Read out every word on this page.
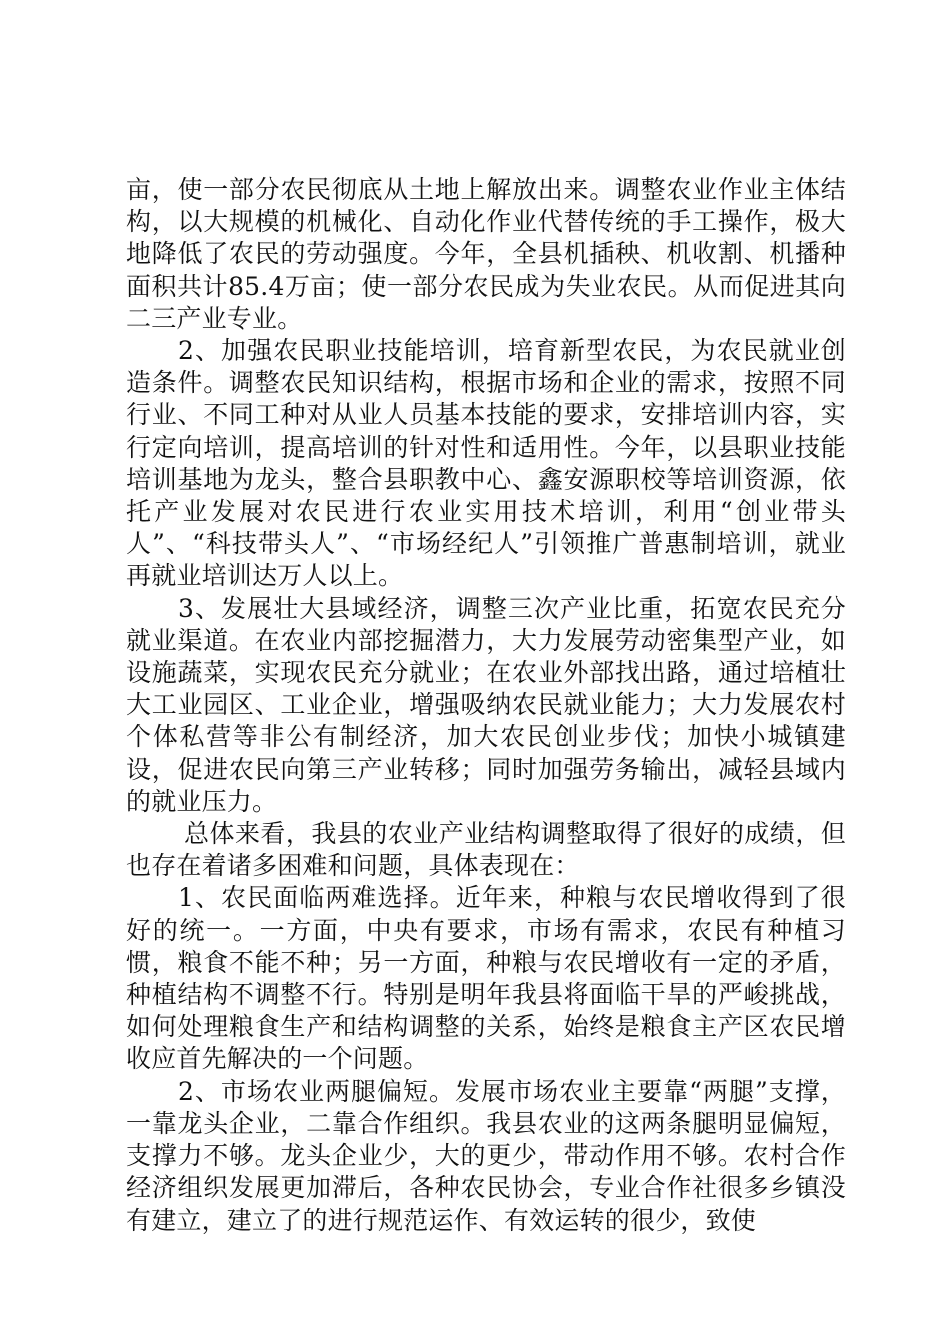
亩，使一部分农民彻底从土地上解放出来。调整农业作业主体结构，以大规模的机械化、自动化作业代替传统的手工操作，极大地降低了农民的劳动强度。今年，全县机插秧、机收割、机播种面积共计85.4万亩；使一部分农民成为失业农民。从而促进其向二三产业专业。

2、加强农民职业技能培训，培育新型农民，为农民就业创造条件。调整农民知识结构，根据市场和企业的需求，按照不同行业、不同工种对从业人员基本技能的要求，安排培训内容，实行定向培训，提高培训的针对性和适用性。今年，以县职业技能培训基地为龙头，整合县职教中心、鑫安源职校等培训资源，依托产业发展对农民进行农业实用技术培训，利用“创业带头人”、“科技带头人”、“市场经纪人”引领推广普惠制培训，就业再就业培训达万人以上。

3、发展壮大县域经济，调整三次产业比重，拓宽农民充分就业渠道。在农业内部挖掘潜力，大力发展劳动密集型产业，如设施蔬菜，实现农民充分就业；在农业外部找出路，通过培植壮大工业园区、工业企业，增强吸纳农民就业能力；大力发展农村个体私营等非公有制经济，加大农民创业步伐；加快小城镇建设，促进农民向第三产业转移；同时加强劳务输出，减轻县域内的就业压力。

总体来看，我县的农业产业结构调整取得了很好的成绩，但也存在着诸多困难和问题，具体表现在：

1、农民面临两难选择。近年来，种粮与农民增收得到了很好的统一。一方面，中央有要求，市场有需求，农民有种植习惯，粮食不能不种；另一方面，种粮与农民增收有一定的矛盾，种植结构不调整不行。特别是明年我县将面临干旱的严峻挑战，如何处理粮食生产和结构调整的关系，始终是粮食主产区农民增收应首先解决的一个问题。

2、市场农业两腿偏短。发展市场农业主要靠“两腿”支撑，一靠龙头企业，二靠合作组织。我县农业的这两条腿明显偏短，支撑力不够。龙头企业少，大的更少，带动作用不够。农村合作经济组织发展更加滞后，各种农民协会，专业合作社很多乡镇没有建立，建立了的进行规范运作、有效运转的很少，致使
